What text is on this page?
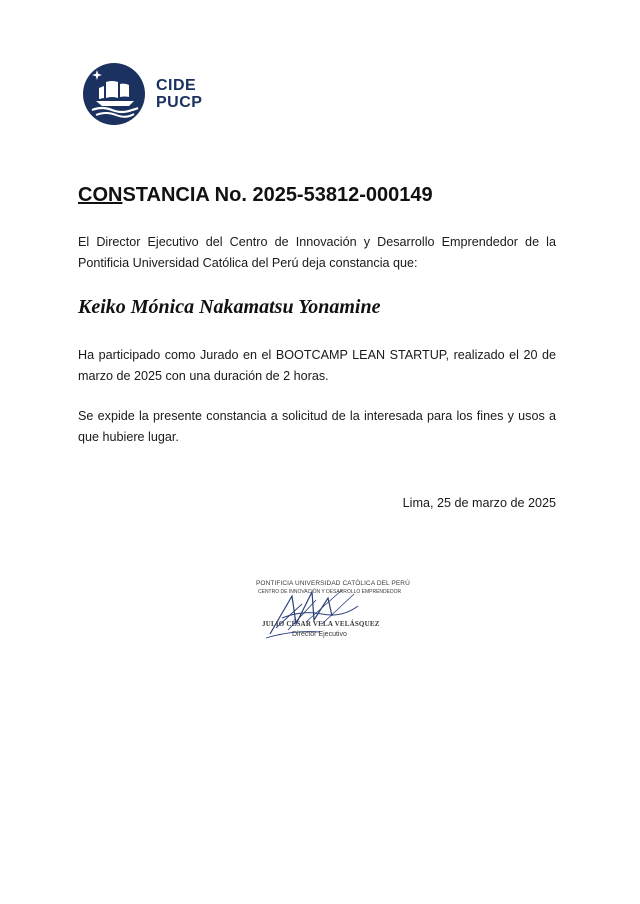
CIDE
PUCP
CONSTANCIA No. 2025-53812-000149

El Director Ejecutivo del Centro de Innovación y Desarrollo Emprendedor de la Pontificia Universidad Católica del Perú deja constancia que:

Keiko Mónica Nakamatsu Yonamine

Ha participado como Jurado en el BOOTCAMP LEAN STARTUP, realizado el 20 de marzo de 2025 con una duración de 2 horas.

Se expide la presente constancia a solicitud de la interesada para los fines y usos a que hubiere lugar.

Lima, 25 de marzo de 2025
PONTIFICIA UNIVERSIDAD CATÓLICA DEL PERÚ
CENTRO DE INNOVACIÓN Y DESARROLLO EMPRENDEDOR
JULIO CÉSAR VELA VELÁSQUEZ
Director Ejecutivo
